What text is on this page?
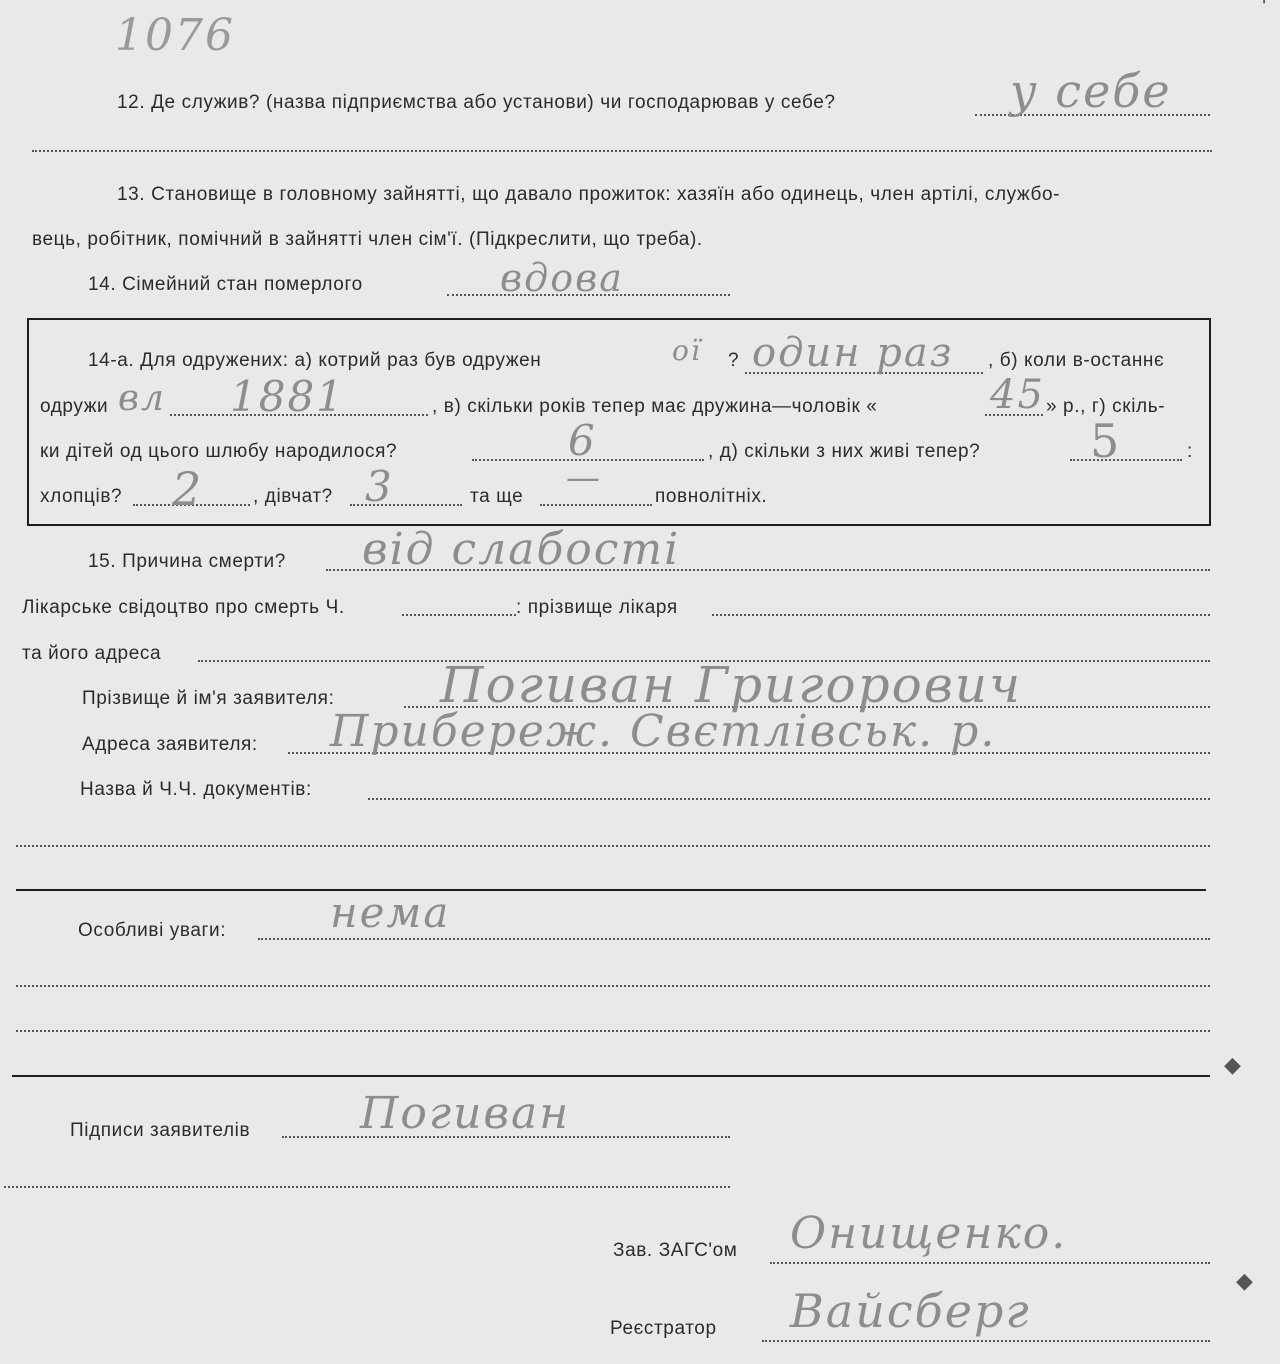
1076
'
12. Де служив? (назва підприємства або установи) чи господарював у себе?	у себе
13. Становище в головному зайнятті, що давало прожиток: хазяїн або одинець, член артілі, службо-
вець, робітник, помічний в зайнятті член сім'ї. (Підкреслити, що треба).
14. Сімейний стан померлого	вдова
14-а. Для одружених: а) котрий раз був одружен	ої ? один раз , б) коли в-останнє
одружи вл 1881	, в) скільки років тепер має дружина—чоловік «	45 » р., г) скіль-
ки дітей од цього шлюбу народилося?	6	, д) скільки з них живі тепер? 5	:
хлопців? 2	, дівчат? 3	та ще —	повнолітніх.
15. Причина смерти? від слабості
Лікарське свідоцтво про смерть Ч.	: прізвище лікаря
та його адреса
Прізвище й ім'я заявителя: Погиван Григорович
Адреса заявителя: Прибереж. Свєтлівськ. р.
Назва й Ч.Ч. документів:
Особливі уваги: нема
◆
Підписи заявителів Погиван
Зав. ЗАГС'ом Онищенко.
◆
Реєстратор Вайсберг
